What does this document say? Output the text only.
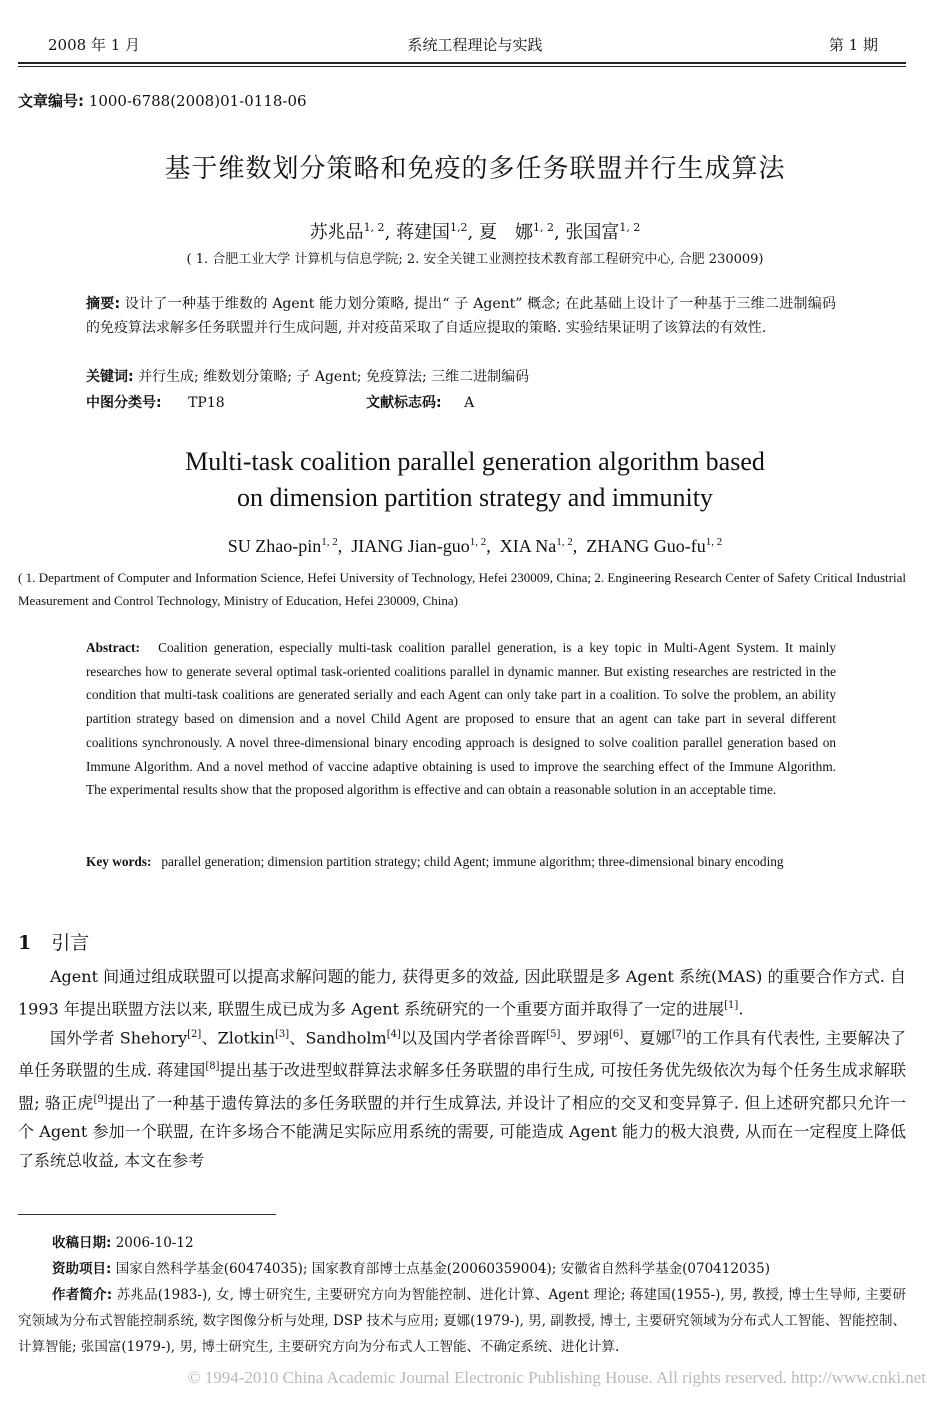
2008 年 1 月	系统工程理论与实践	第 1 期
文章编号: 1000-6788(2008)01-0118-06
基于维数划分策略和免疫的多任务联盟并行生成算法
苏兆品$^{1, 2}$, 蒋建国$^{1,2}$, 夏　娜$^{1, 2}$, 张国富$^{1, 2}$
( 1. 合肥工业大学 计算机与信息学院; 2. 安全关键工业测控技术教育部工程研究中心, 合肥 230009)
摘要: 设计了一种基于维数的 Agent 能力划分策略, 提出“ 子 Agent” 概念; 在此基础上设计了一种基于三维二进制编码的免疫算法求解多任务联盟并行生成问题, 并对疫苗采取了自适应提取的策略. 实验结果证明了该算法的有效性.
关键词: 并行生成; 维数划分策略; 子 Agent; 免疫算法; 三维二进制编码
中图分类号: TP18	文献标志码: A
Multi-task coalition parallel generation algorithm based
on dimension partition strategy and immunity
SU Zhao-pin$^{1, 2}$,  JIANG Jian-guo$^{1, 2}$,  XIA Na$^{1, 2}$,  ZHANG Guo-fu$^{1, 2}$
( 1. Department of Computer and Information Science, Hefei University of Technology, Hefei 230009, China; 2. Engineering Research Center of Safety Critical Industrial Measurement and Control Technology, Ministry of Education, Hefei 230009, China)
Abstract: Coalition generation, especially multi-task coalition parallel generation, is a key topic in Multi-Agent System. It mainly researches how to generate several optimal task-oriented coalitions parallel in dynamic manner. But existing researches are restricted in the condition that multi-task coalitions are generated serially and each Agent can only take part in a coalition. To solve the problem, an ability partition strategy based on dimension and a novel Child Agent are proposed to ensure that an agent can take part in several different coalitions synchronously. A novel three-dimensional binary encoding approach is designed to solve coalition parallel generation based on Immune Algorithm. And a novel method of vaccine adaptive obtaining is used to improve the searching effect of the Immune Algorithm. The experimental results show that the proposed algorithm is effective and can obtain a reasonable solution in an acceptable time.
Key words: parallel generation; dimension partition strategy; child Agent; immune algorithm; three-dimensional binary encoding
1 引言
Agent 间通过组成联盟可以提高求解问题的能力, 获得更多的效益, 因此联盟是多 Agent 系统(MAS) 的重要合作方式. 自 1993 年提出联盟方法以来, 联盟生成已成为多 Agent 系统研究的一个重要方面并取得了一定的进展[1].
国外学者 Shehory[2]、Zlotkin[3]、Sandholm[4]以及国内学者徐晋晖[5]、罗翊[6]、夏娜[7]的工作具有代表性, 主要解决了单任务联盟的生成. 蒋建国[8]提出基于改进型蚁群算法求解多任务联盟的串行生成, 可按任务优先级依次为每个任务生成求解联盟; 骆正虎[9]提出了一种基于遗传算法的多任务联盟的并行生成算法, 并设计了相应的交叉和变异算子. 但上述研究都只允许一个 Agent 参加一个联盟, 在许多场合不能满足实际应用系统的需要, 可能造成 Agent 能力的极大浪费, 从而在一定程度上降低了系统总收益, 本文在参考
收稿日期: 2006-10-12
资助项目: 国家自然科学基金(60474035); 国家教育部博士点基金(20060359004); 安徽省自然科学基金(070412035)
作者简介: 苏兆品(1983-), 女, 博士研究生, 主要研究方向为智能控制、进化计算、Agent 理论; 蒋建国(1955-), 男, 教授, 博士生导师, 主要研究领域为分布式智能控制系统, 数字图像分析与处理, DSP 技术与应用; 夏娜(1979-), 男, 副教授, 博士, 主要研究领域为分布式人工智能、智能控制、计算智能; 张国富(1979-), 男, 博士研究生, 主要研究方向为分布式人工智能、不确定系统、进化计算.
© 1994-2010 China Academic Journal Electronic Publishing House. All rights reserved. http://www.cnki.net
